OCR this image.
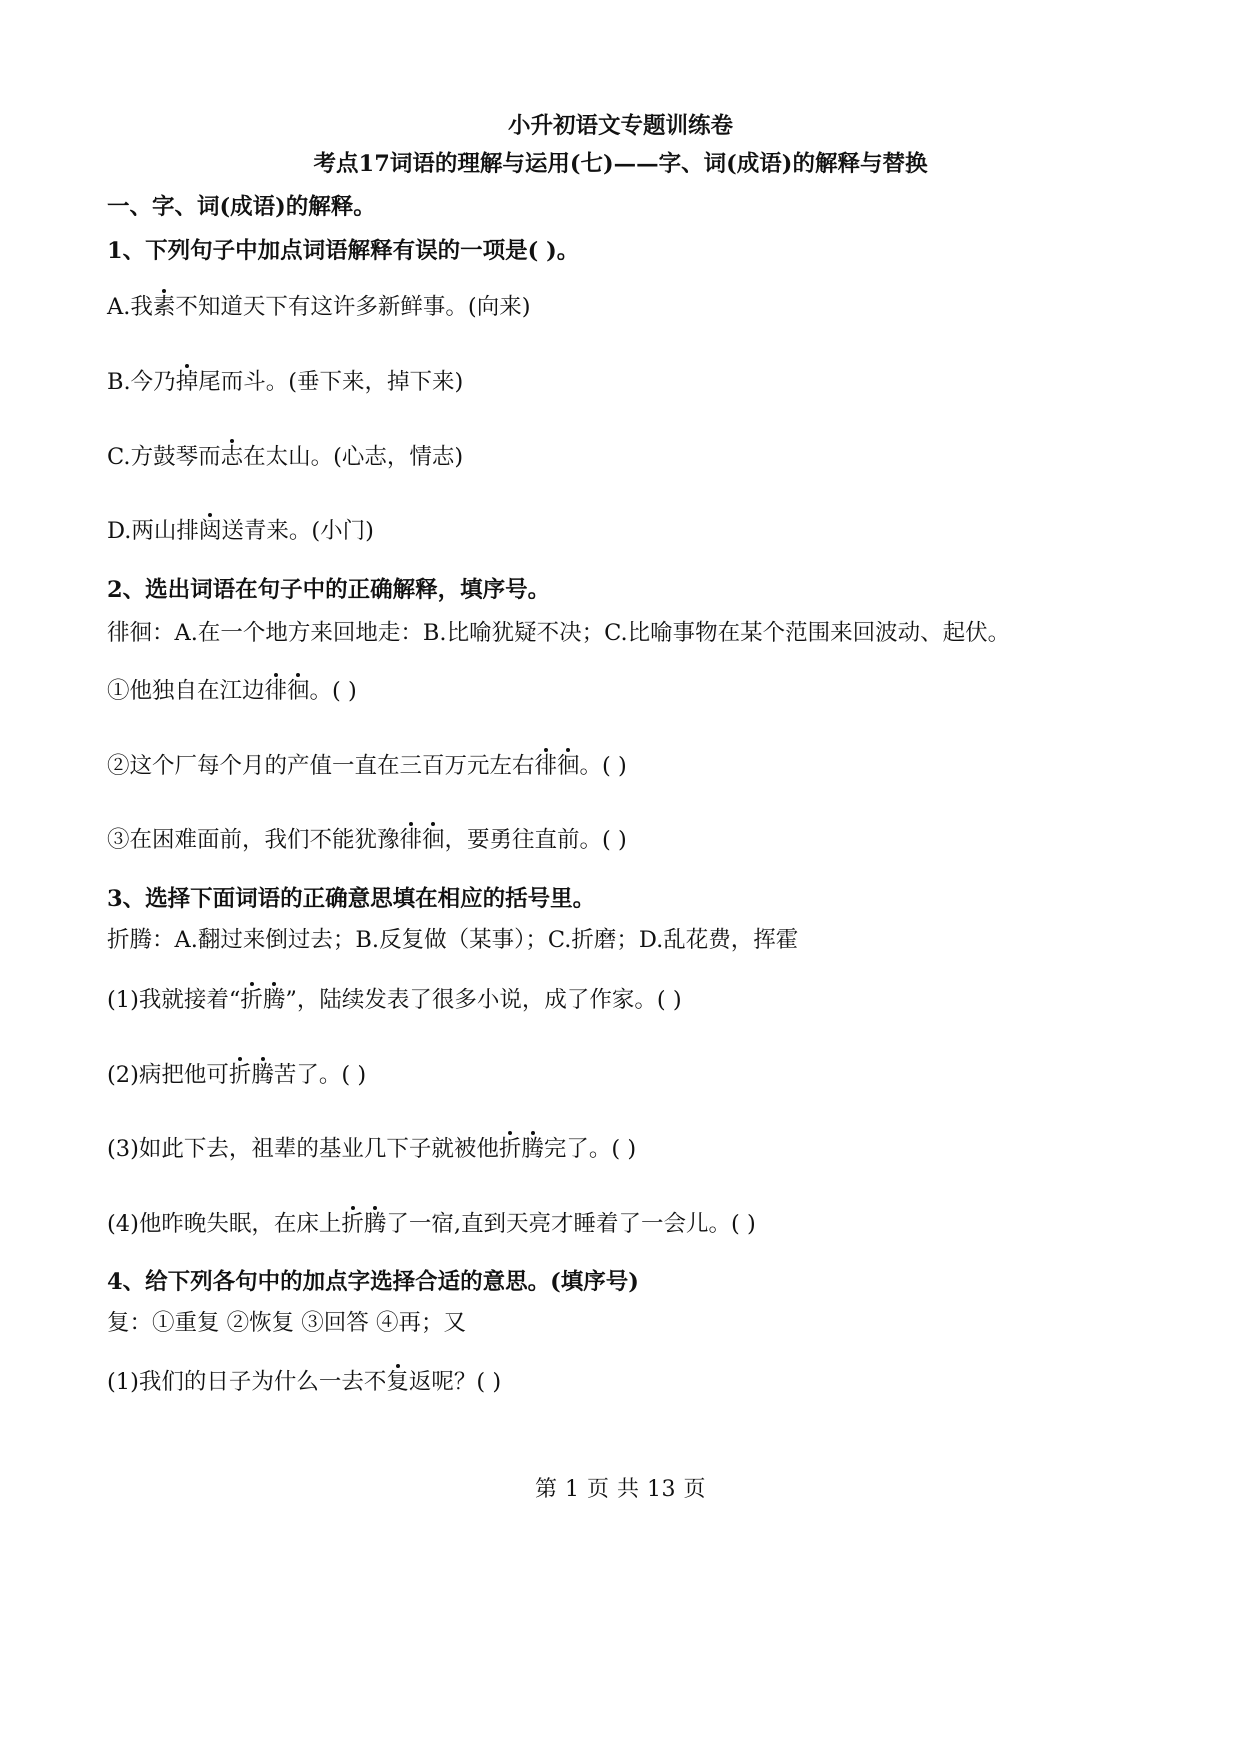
小升初语文专题训练卷
考点17词语的理解与运用(七)——字、词(成语)的解释与替换
一、字、词(成语)的解释。
1、下列句子中加点词语解释有误的一项是( )。
A.我素不知道天下有这许多新鲜事。(向来)
B.今乃掉尾而斗。(垂下来，掉下来)
C.方鼓琴而志在太山。(心志，情志)
D.两山排闼送青来。(小门)
2、选出词语在句子中的正确解释，填序号。
徘徊：A.在一个地方来回地走：B.比喻犹疑不决；C.比喻事物在某个范围来回波动、起伏。
①他独自在江边徘徊。( )
②这个厂每个月的产值一直在三百万元左右徘徊。( )
③在困难面前，我们不能犹豫徘徊，要勇往直前。( )
3、选择下面词语的正确意思填在相应的括号里。
折腾：A.翻过来倒过去；B.反复做（某事）；C.折磨；D.乱花费，挥霍
(1)我就接着“折腾”，陆续发表了很多小说，成了作家。( )
(2)病把他可折腾苦了。( )
(3)如此下去，祖辈的基业几下子就被他折腾完了。( )
(4)他昨晚失眠，在床上折腾了一宿,直到天亮才睡着了一会儿。( )
4、给下列各句中的加点字选择合适的意思。(填序号)
复：①重复 ②恢复 ③回答 ④再；又
(1)我们的日子为什么一去不复返呢？( )
第 1 页 共 13 页
